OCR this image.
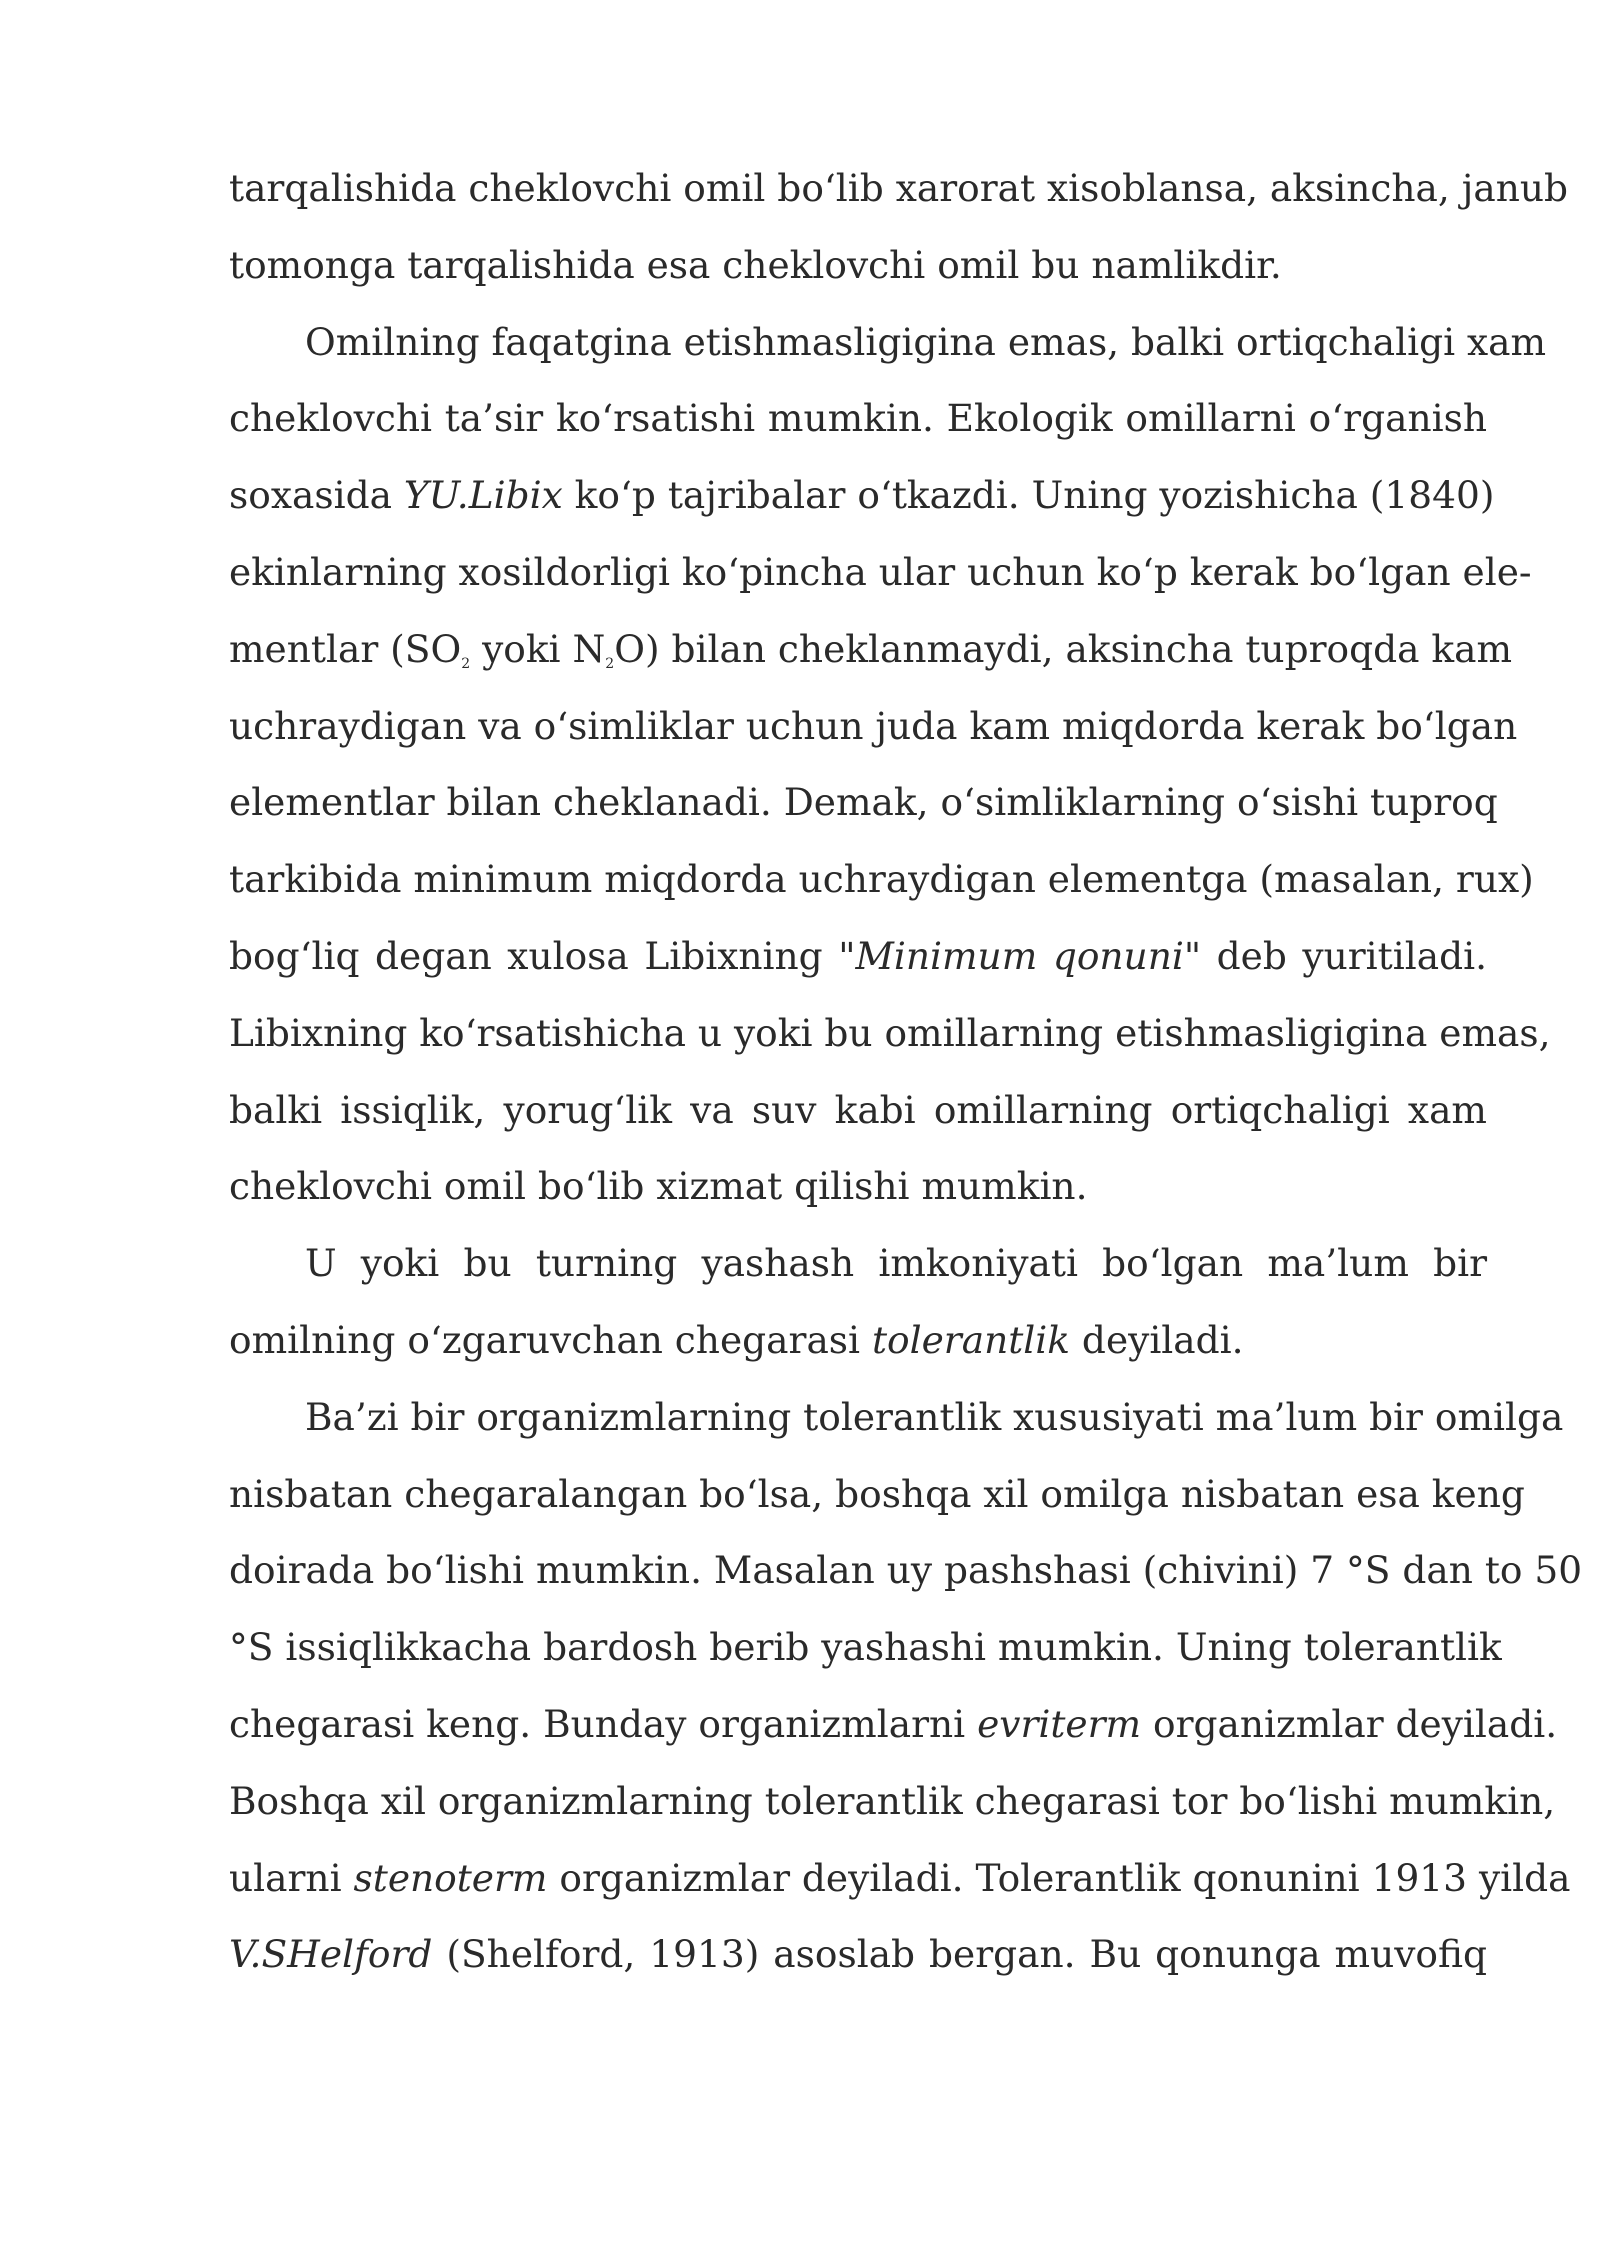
tarqalishida cheklovchi omil bo‘lib xarorat xisoblansa, aksincha, janub
tomonga tarqalishida esa cheklovchi omil bu namlikdir.
Omilning faqatgina etishmasligigina emas, balki ortiqchaligi xam
cheklovchi ta’sir ko‘rsatishi mumkin. Ekologik omillarni o‘rganish
soxasida YU.Libix ko‘p tajribalar o‘tkazdi. Uning yozishicha (1840)
ekinlarning xosildorligi ko‘pincha ular uchun ko‘p kerak bo‘lgan ele-
mentlar ($SO_2$ yoki $N_2O$) bilan cheklanmaydi, aksincha tuproqda kam
uchraydigan va o‘simliklar uchun juda kam miqdorda kerak bo‘lgan
elementlar bilan cheklanadi. Demak, o‘simliklarning o‘sishi tuproq
tarkibida minimum miqdorda uchraydigan elementga (masalan, rux)
bog‘liq degan xulosa Libixning "Minimum qonuni" deb yuritiladi.
Libixning ko‘rsatishicha u yoki bu omillarning etishmasligigina emas,
balki issiqlik, yorug‘lik va suv kabi omillarning ortiqchaligi xam
cheklovchi omil bo‘lib xizmat qilishi mumkin.
U yoki bu turning yashash imkoniyati bo‘lgan ma’lum bir
omilning o‘zgaruvchan chegarasi tolerantlik deyiladi.
Ba’zi bir organizmlarning tolerantlik xususiyati ma’lum bir omilga
nisbatan chegaralangan bo‘lsa, boshqa xil omilga nisbatan esa keng
doirada bo‘lishi mumkin. Masalan uy pashshasi (chivini) 7 °S dan to 50
°S issiqlikkacha bardosh berib yashashi mumkin. Uning tolerantlik
chegarasi keng. Bunday organizmlarni evriterm organizmlar deyiladi.
Boshqa xil organizmlarning tolerantlik chegarasi tor bo‘lishi mumkin,
ularni stenoterm organizmlar deyiladi. Tolerantlik qonunini 1913 yilda
V.SHelford (Shelford, 1913) asoslab bergan. Bu qonunga muvofiq
